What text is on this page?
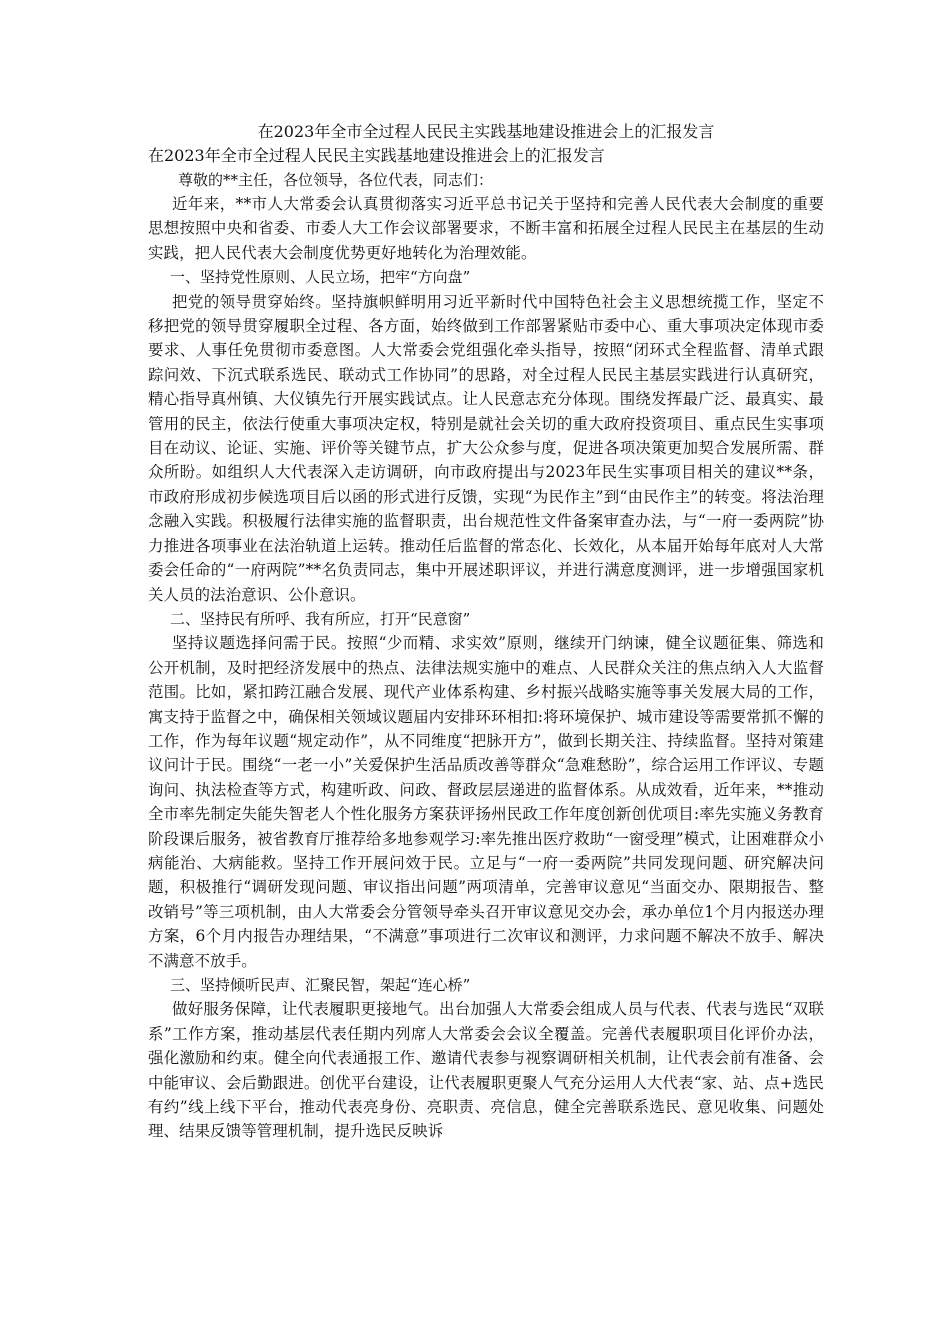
在2023年全市全过程人民民主实践基地建设推进会上的汇报发言
在2023年全市全过程人民民主实践基地建设推进会上的汇报发言

尊敬的**主任，各位领导，各位代表，同志们：

近年来，**市人大常委会认真贯彻落实习近平总书记关于坚持和完善人民代表大会制度的重要思想按照中央和省委、市委人大工作会议部署要求，不断丰富和拓展全过程人民民主在基层的生动实践，把人民代表大会制度优势更好地转化为治理效能。

一、坚持党性原则、人民立场，把牢“方向盘”

把党的领导贯穿始终。坚持旗帜鲜明用习近平新时代中国特色社会主义思想统揽工作，坚定不移把党的领导贯穿履职全过程、各方面，始终做到工作部署紧贴市委中心、重大事项决定体现市委要求、人事任免贯彻市委意图。人大常委会党组强化牵头指导，按照“闭环式全程监督、清单式跟踪问效、下沉式联系选民、联动式工作协同”的思路，对全过程人民民主基层实践进行认真研究，精心指导真州镇、大仪镇先行开展实践试点。让人民意志充分体现。围绕发挥最广泛、最真实、最管用的民主，依法行使重大事项决定权，特别是就社会关切的重大政府投资项目、重点民生实事项目在动议、论证、实施、评价等关键节点，扩大公众参与度，促进各项决策更加契合发展所需、群众所盼。如组织人大代表深入走访调研，向市政府提出与2023年民生实事项目相关的建议**条，市政府形成初步候选项目后以函的形式进行反馈，实现“为民作主”到“由民作主”的转变。将法治理念融入实践。积极履行法律实施的监督职责，出台规范性文件备案审查办法，与“一府一委两院”协力推进各项事业在法治轨道上运转。推动任后监督的常态化、长效化，从本届开始每年底对人大常委会任命的“一府两院”**名负责同志，集中开展述职评议，并进行满意度测评，进一步增强国家机关人员的法治意识、公仆意识。

二、坚持民有所呼、我有所应，打开“民意窗”

坚持议题选择问需于民。按照“少而精、求实效”原则，继续开门纳谏，健全议题征集、筛选和公开机制，及时把经济发展中的热点、法律法规实施中的难点、人民群众关注的焦点纳入人大监督范围。比如，紧扣跨江融合发展、现代产业体系构建、乡村振兴战略实施等事关发展大局的工作，寓支持于监督之中，确保相关领域议题届内安排环环相扣:将环境保护、城市建设等需要常抓不懈的工作，作为每年议题“规定动作”，从不同维度“把脉开方”，做到长期关注、持续监督。坚持对策建议问计于民。围绕“一老一小”关爱保护生活品质改善等群众“急难愁盼”，综合运用工作评议、专题询问、执法检查等方式，构建听政、问政、督政层层递进的监督体系。从成效看，近年来，**推动全市率先制定失能失智老人个性化服务方案获评扬州民政工作年度创新创优项目:率先实施义务教育阶段课后服务，被省教育厅推荐给多地参观学习:率先推出医疗救助“一窗受理”模式，让困难群众小病能治、大病能救。坚持工作开展问效于民。立足与“一府一委两院”共同发现问题、研究解决问题，积极推行“调研发现问题、审议指出问题”两项清单，完善审议意见“当面交办、限期报告、整改销号”等三项机制，由人大常委会分管领导牵头召开审议意见交办会，承办单位1个月内报送办理方案，6个月内报告办理结果，“不满意”事项进行二次审议和测评，力求问题不解决不放手、解决不满意不放手。

三、坚持倾听民声、汇聚民智，架起“连心桥”

做好服务保障，让代表履职更接地气。出台加强人大常委会组成人员与代表、代表与选民“双联系”工作方案，推动基层代表任期内列席人大常委会会议全覆盖。完善代表履职项目化评价办法，强化激励和约束。健全向代表通报工作、邀请代表参与视察调研相关机制，让代表会前有准备、会中能审议、会后勤跟进。创优平台建设，让代表履职更聚人气充分运用人大代表“家、站、点+选民有约”线上线下平台，推动代表亮身份、亮职责、亮信息，健全完善联系选民、意见收集、问题处理、结果反馈等管理机制，提升选民反映诉
